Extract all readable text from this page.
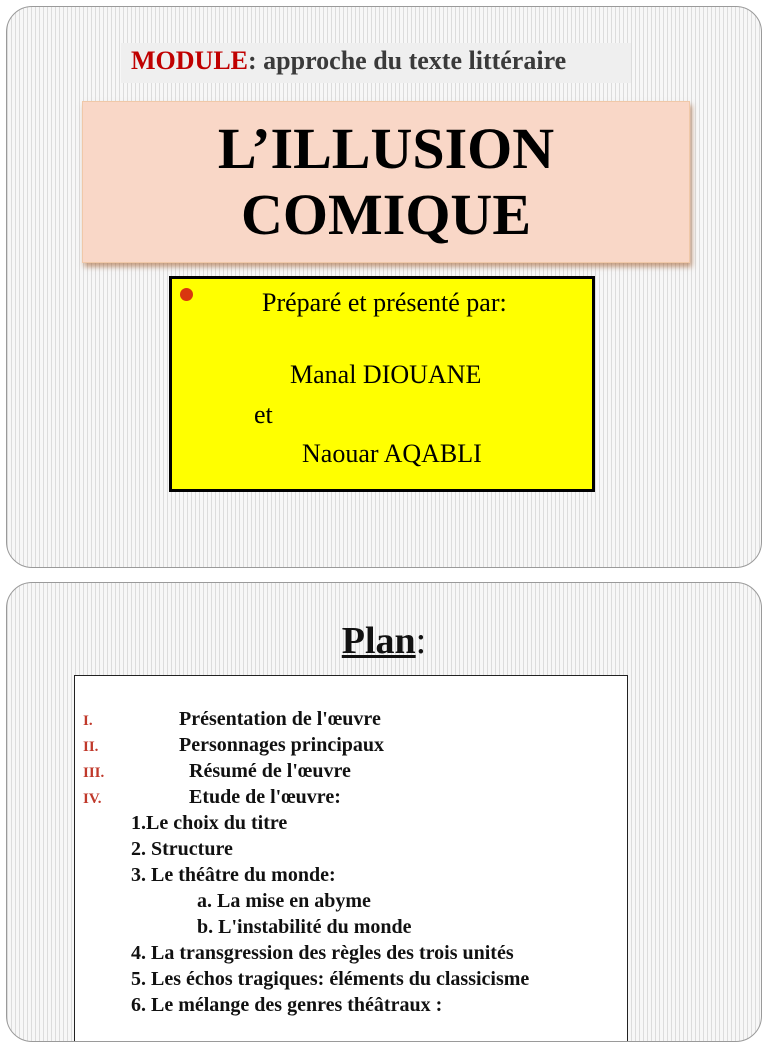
MODULE: approche du texte littéraire
L’ILLUSION
COMIQUE
Préparé et présenté par:
Manal DIOUANE
et
Naouar AQABLI
Plan:
I.	Présentation de l'œuvre
II.	Personnages principaux
III.	Résumé de l'œuvre
IV.	Etude de l'œuvre:
1.Le choix du titre
2. Structure
3. Le théâtre du monde:
a. La mise en abyme
b. L'instabilité du monde
4. La transgression des règles des trois unités
5. Les échos tragiques: éléments du classicisme
6. Le mélange des genres théâtraux :
